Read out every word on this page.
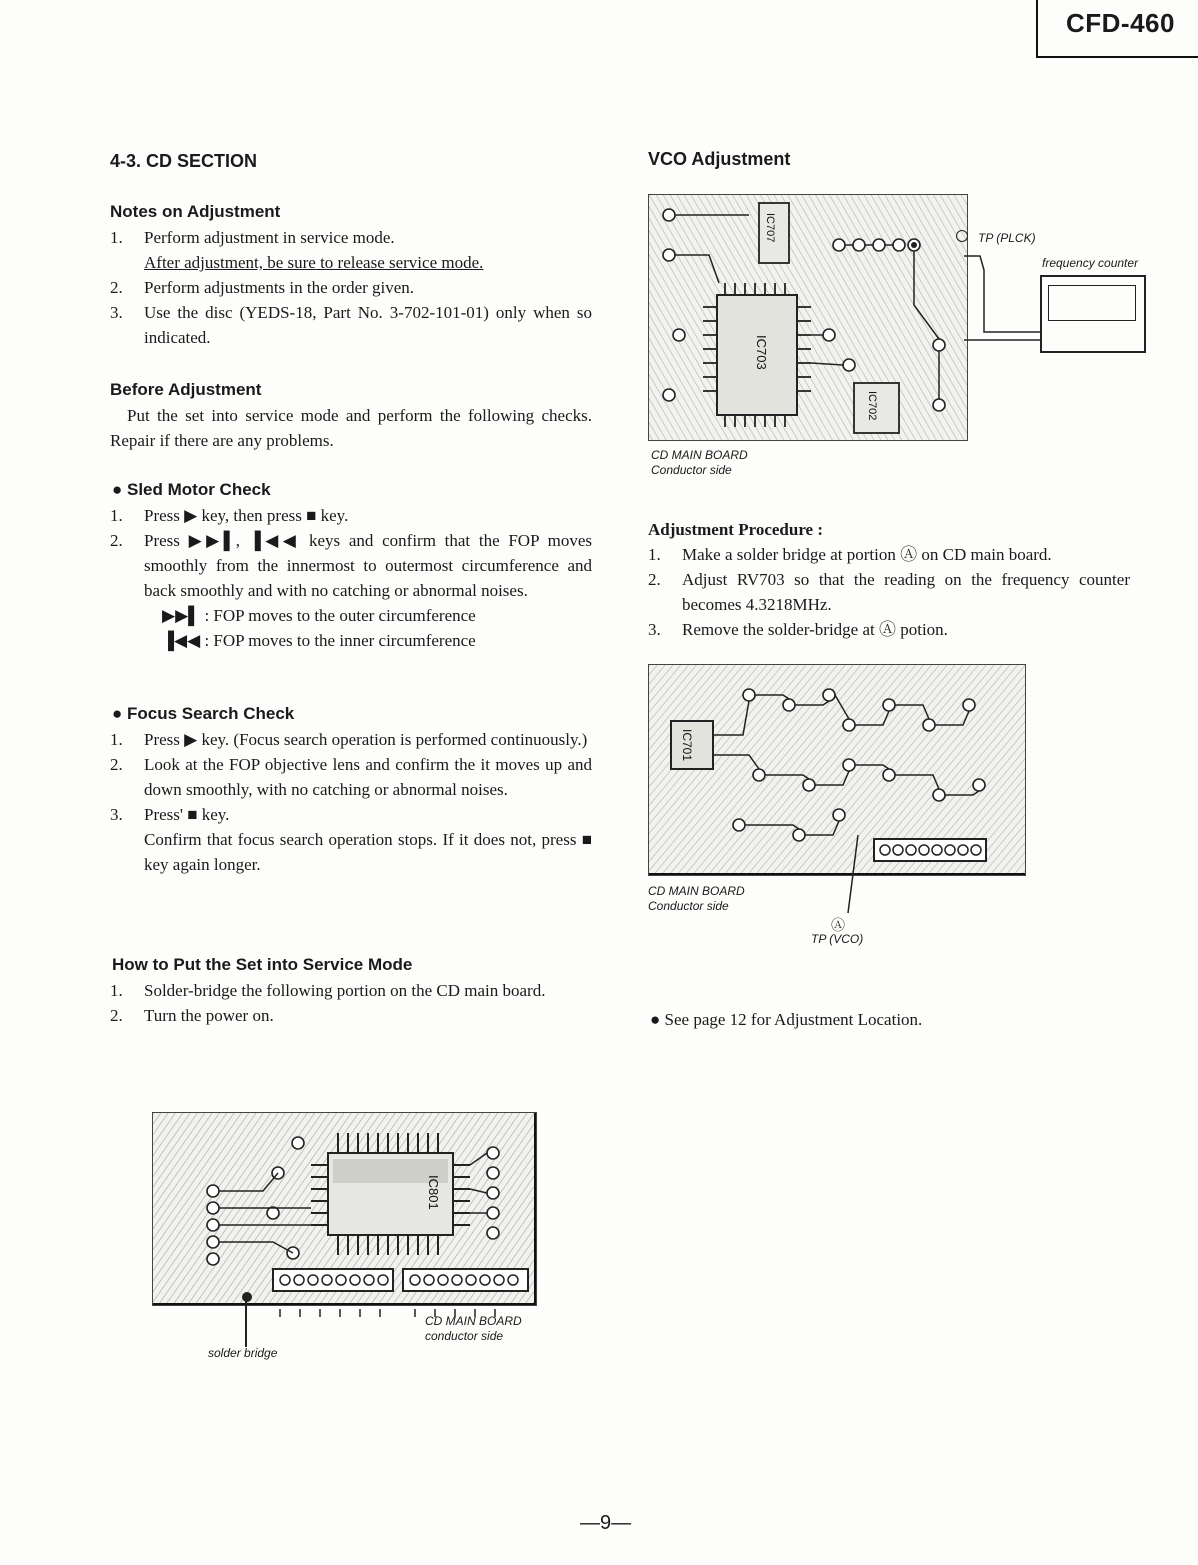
CFD-460
4-3. CD SECTION
Notes on Adjustment
1. Perform adjustment in service mode.
After adjustment, be sure to release service mode.
2. Perform adjustments in the order given.
3. Use the disc (YEDS-18, Part No. 3-702-101-01) only when so indicated.
Before Adjustment
Put the set into service mode and perform the following checks. Repair if there are any problems.
● Sled Motor Check
1. Press ▶ key, then press ■ key.
2. Press ▶▶▌, ▐◀◀ keys and confirm that the FOP moves smoothly from the innermost to outermost circumference and back smoothly and with no catching or abnormal noises.
▶▶▌ : FOP moves to the outer circumference
▐◀◀ : FOP moves to the inner circumference
● Focus Search Check
1. Press ▶ key. (Focus search operation is performed continuously.)
2. Look at the FOP objective lens and confirm the it moves up and down smoothly, with no catching or abnormal noises.
3. Press' ■ key.
Confirm that focus search operation stops. If it does not, press ■ key again longer.
How to Put the Set into Service Mode
1. Solder-bridge the following portion on the CD main board.
2. Turn the power on.
IC801
CD MAIN BOARD
conductor side
solder bridge
VCO Adjustment
IC703
IC707
IC702
TP (PLCK)
frequency counter
CD MAIN BOARD
Conductor side
Adjustment Procedure :
1. Make a solder bridge at portion Ⓐ on CD main board.
2. Adjust RV703 so that the reading on the frequency counter becomes 4.3218MHz.
3. Remove the solder-bridge at Ⓐ potion.
IC701
CD MAIN BOARD
Conductor side
Ⓐ
TP (VCO)
● See page 12 for Adjustment Location.
—9—
